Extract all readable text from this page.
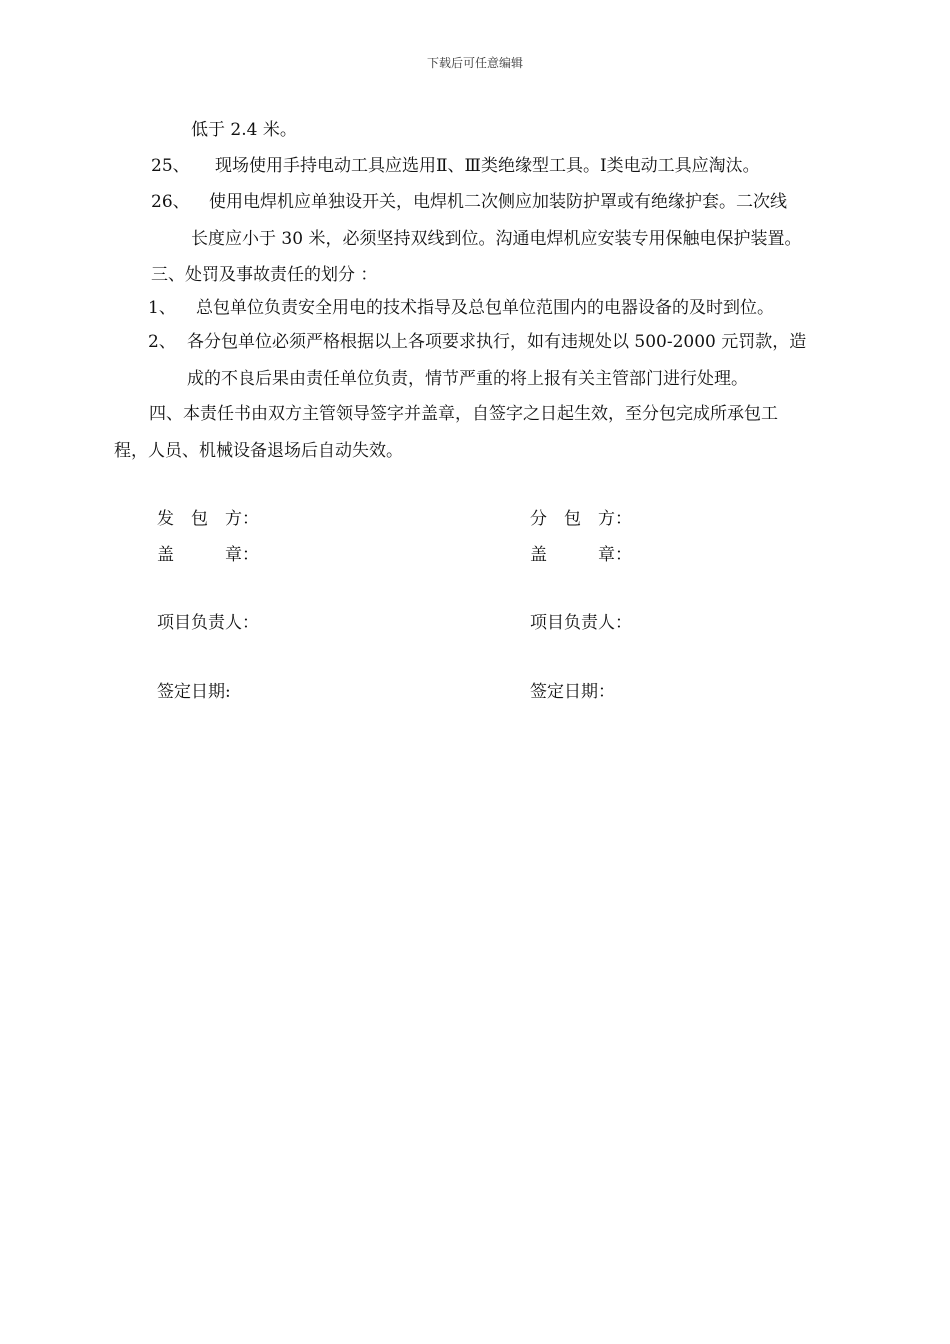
下载后可任意编辑
低于 2.4 米。
25、 现场使用手持电动工具应选用Ⅱ、Ⅲ类绝缘型工具。Ⅰ类电动工具应淘汰。
26、 使用电焊机应单独设开关，电焊机二次侧应加装防护罩或有绝缘护套。二次线
长度应小于 30 米，必须坚持双线到位。沟通电焊机应安装专用保触电保护装置。
三、处罚及事故责任的划分 ：
1、 总包单位负责安全用电的技术指导及总包单位范围内的电器设备的及时到位。
2、 各分包单位必须严格根据以上各项要求执行，如有违规处以 500-2000 元罚款，造
成的不良后果由责任单位负责，情节严重的将上报有关主管部门进行处理。
四、本责任书由双方主管领导签字并盖章，自签字之日起生效，至分包完成所承包工
程，人员、机械设备退场后自动失效。
发　包　方：
盖　　　章：
项目负责人：
签定日期:
分　包　方：
盖　　　章：
项目负责人：
签定日期：
